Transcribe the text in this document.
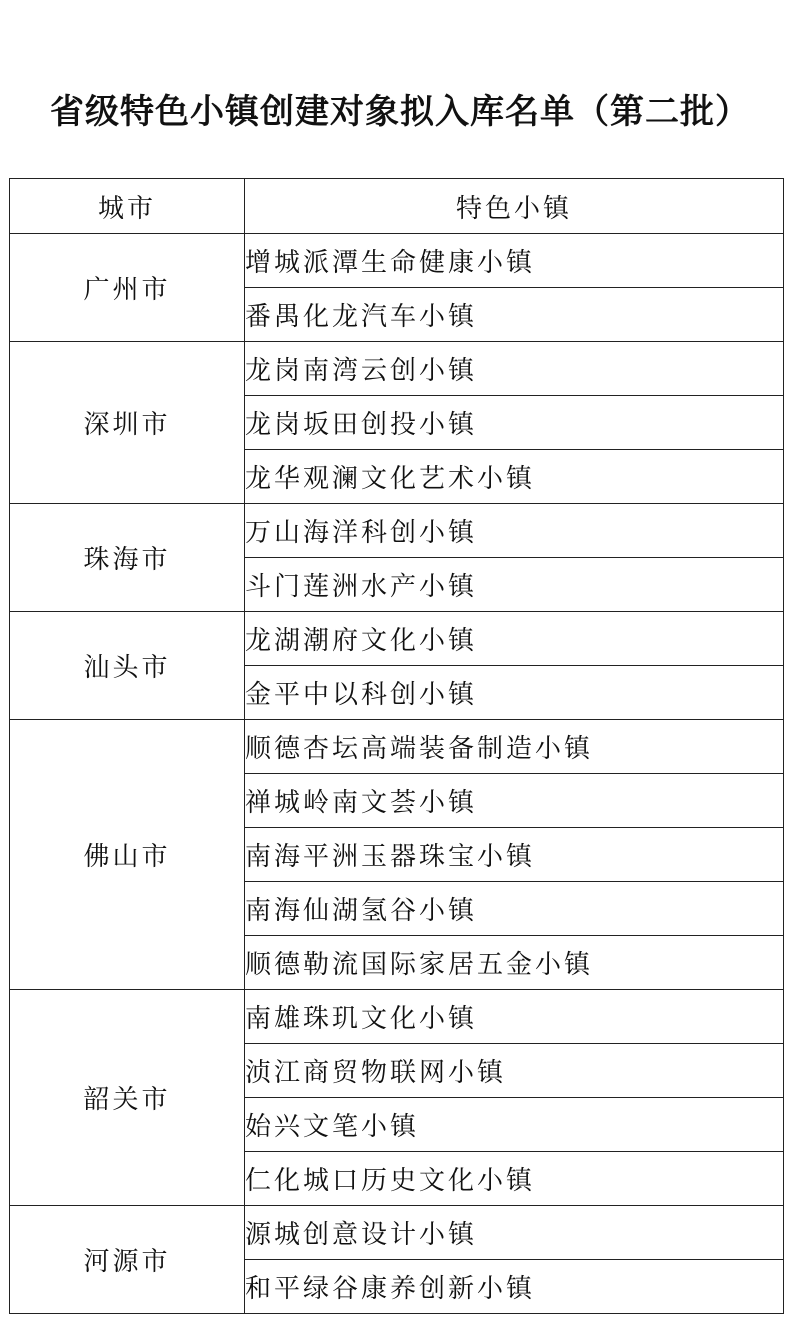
省级特色小镇创建对象拟入库名单（第二批）
城市	特色小镇
广州市	增城派潭生命健康小镇
	番禺化龙汽车小镇
深圳市	龙岗南湾云创小镇
	龙岗坂田创投小镇
	龙华观澜文化艺术小镇
珠海市	万山海洋科创小镇
	斗门莲洲水产小镇
汕头市	龙湖潮府文化小镇
	金平中以科创小镇
佛山市	顺德杏坛高端装备制造小镇
	禅城岭南文荟小镇
	南海平洲玉器珠宝小镇
	南海仙湖氢谷小镇
	顺德勒流国际家居五金小镇
韶关市	南雄珠玑文化小镇
	浈江商贸物联网小镇
	始兴文笔小镇
	仁化城口历史文化小镇
河源市	源城创意设计小镇
	和平绿谷康养创新小镇
